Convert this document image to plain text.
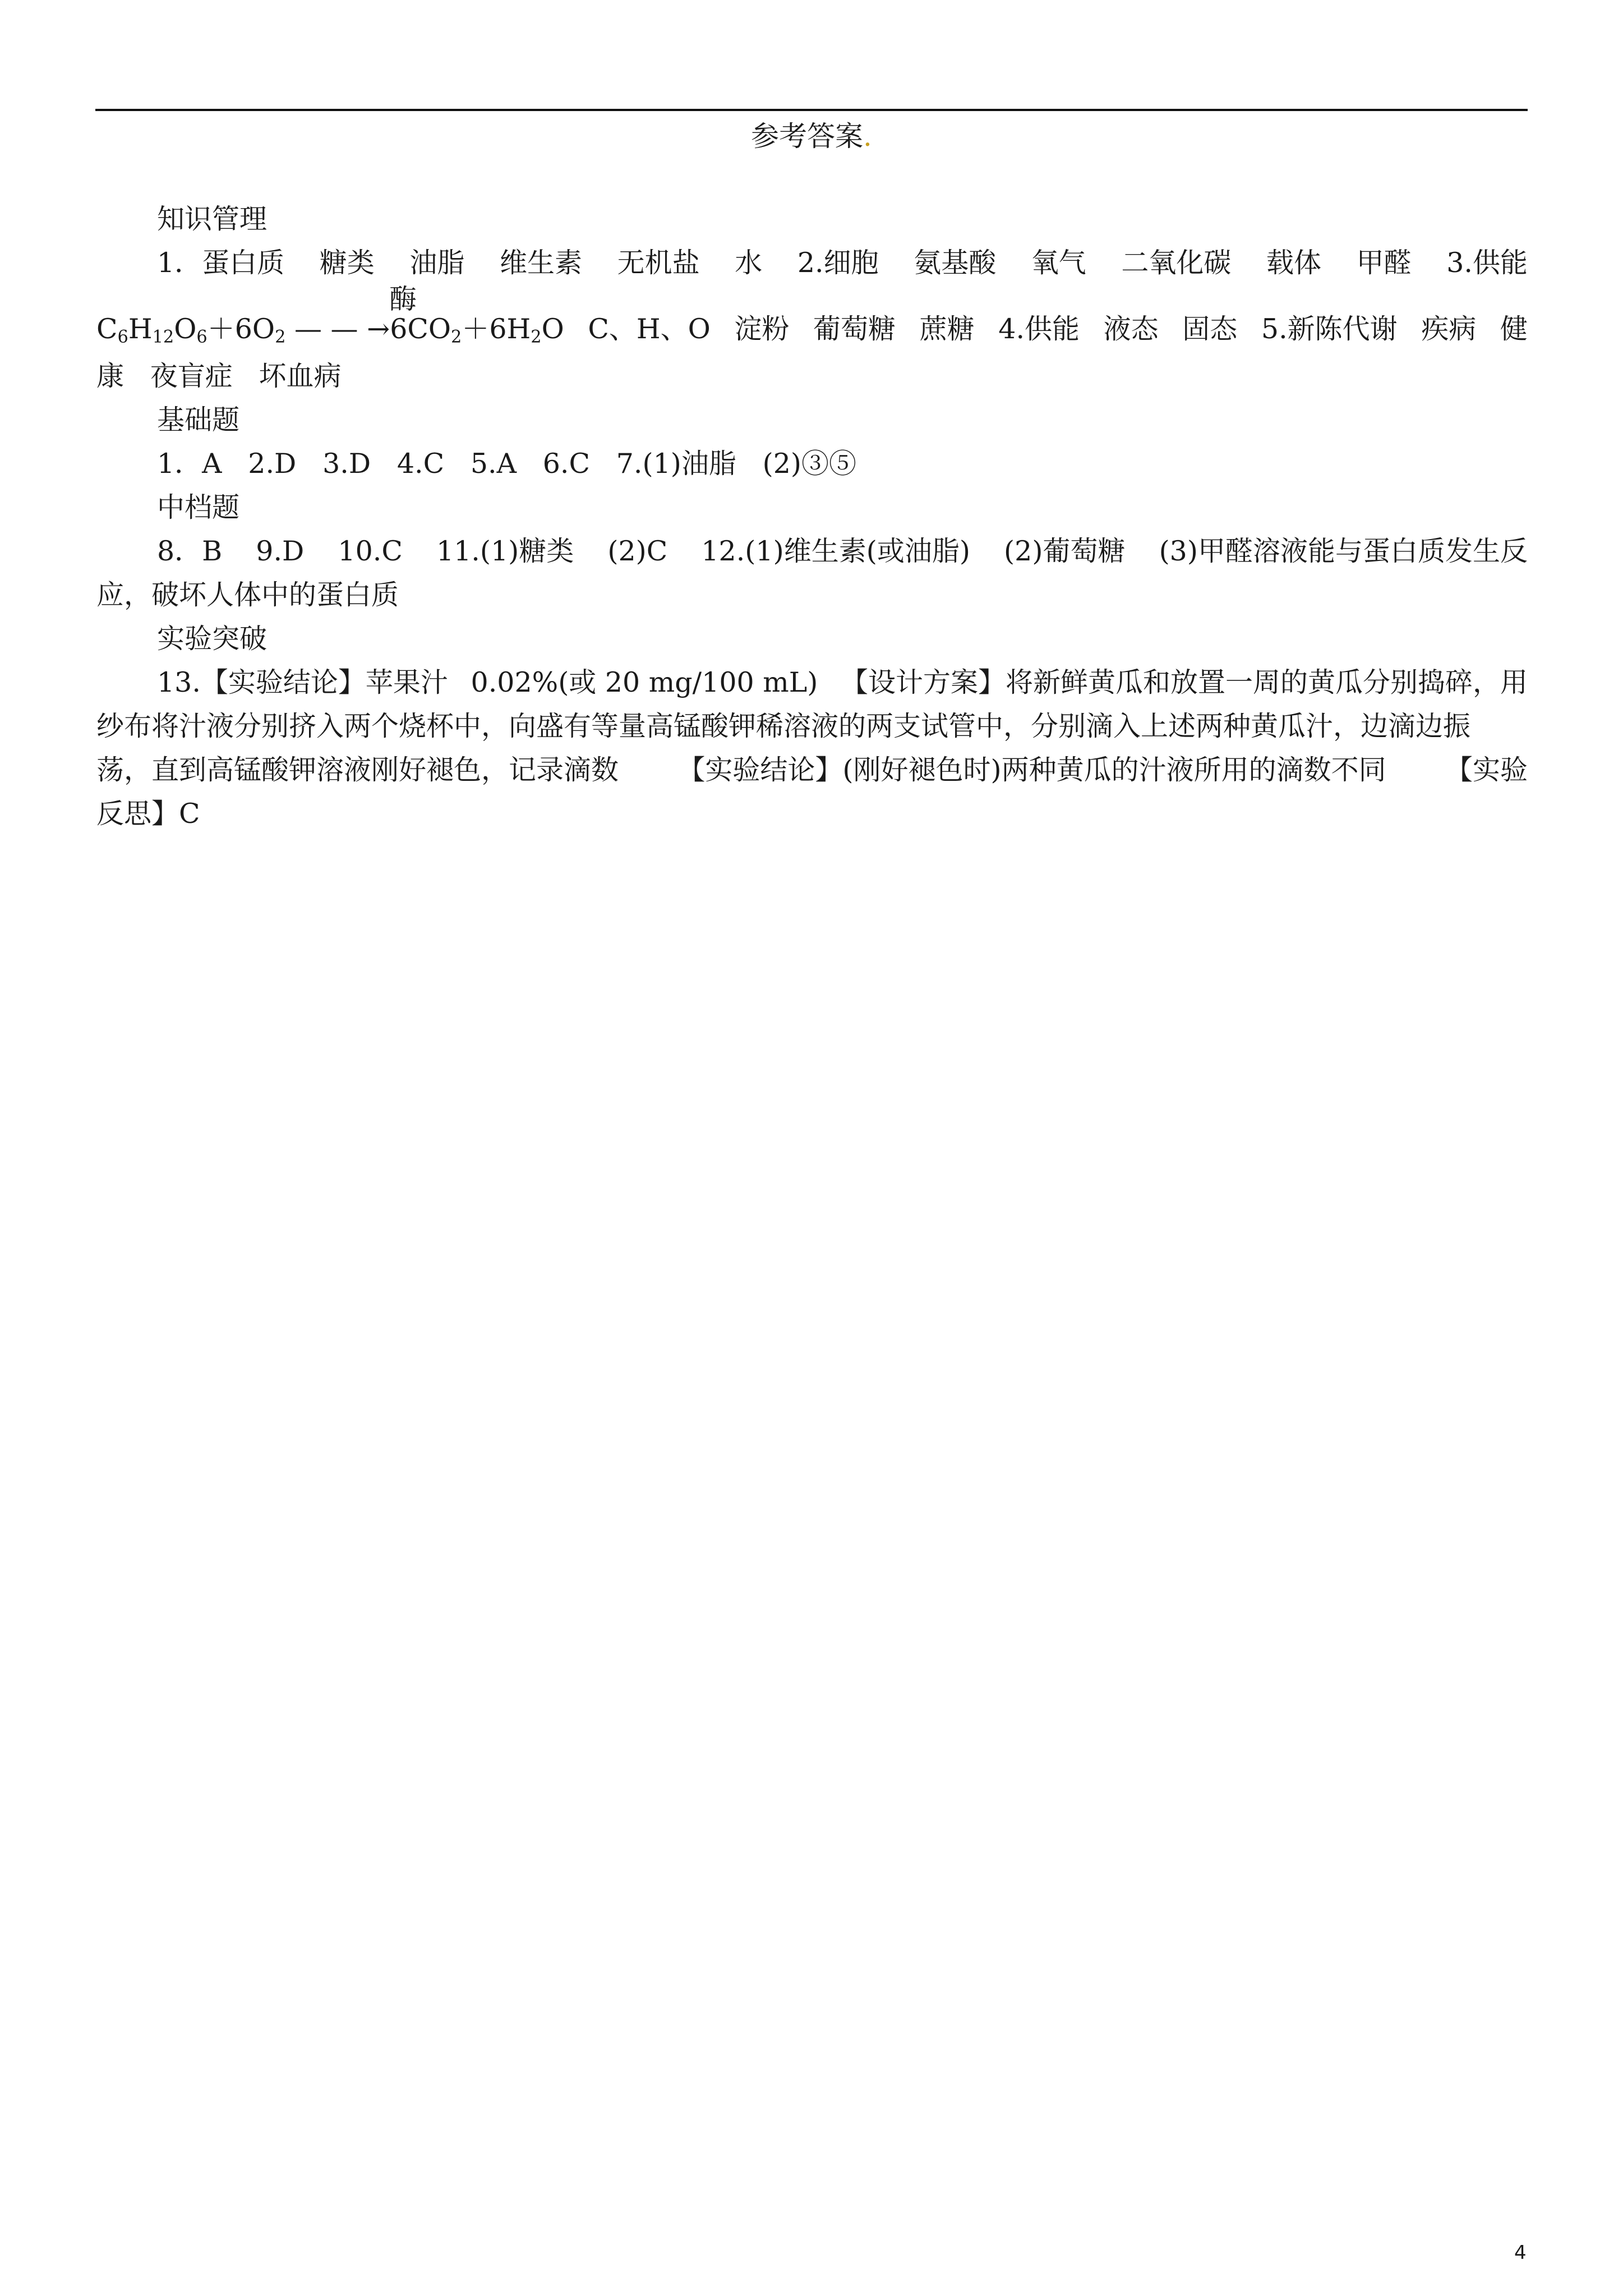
参考答案.

知识管理

1．蛋白质 糖类 油脂 维生素 无机盐 水 2.细胞 氨基酸 氧气 二氧化碳 载体 甲醛 3.供能
酶
$C_6H_{12}O_6+6O_2$ — — $\to 6CO_2+6H_2O$ C、H、O 淀粉 葡萄糖 蔗糖 4.供能 液态 固态 5.新陈代谢 疾病 健

康 夜盲症 坏血病

基础题

1．A 2.D 3.D 4.C 5.A 6.C 7.(1)油脂 (2)③⑤

中档题

8．B 9.D 10.C 11.(1)糖类 (2)C 12.(1)维生素(或油脂) (2)葡萄糖 (3)甲醛溶液能与蛋白质发生反

应，破坏人体中的蛋白质

实验突破

13.【实验结论】苹果汁 0.02%(或 20 mg/100 mL) 【设计方案】将新鲜黄瓜和放置一周的黄瓜分别捣碎，用

纱布将汁液分别挤入两个烧杯中，向盛有等量高锰酸钾稀溶液的两支试管中，分别滴入上述两种黄瓜汁，边滴边振

荡，直到高锰酸钾溶液刚好褪色，记录滴数 【实验结论】(刚好褪色时)两种黄瓜的汁液所用的滴数不同 【实验

反思】C

4
